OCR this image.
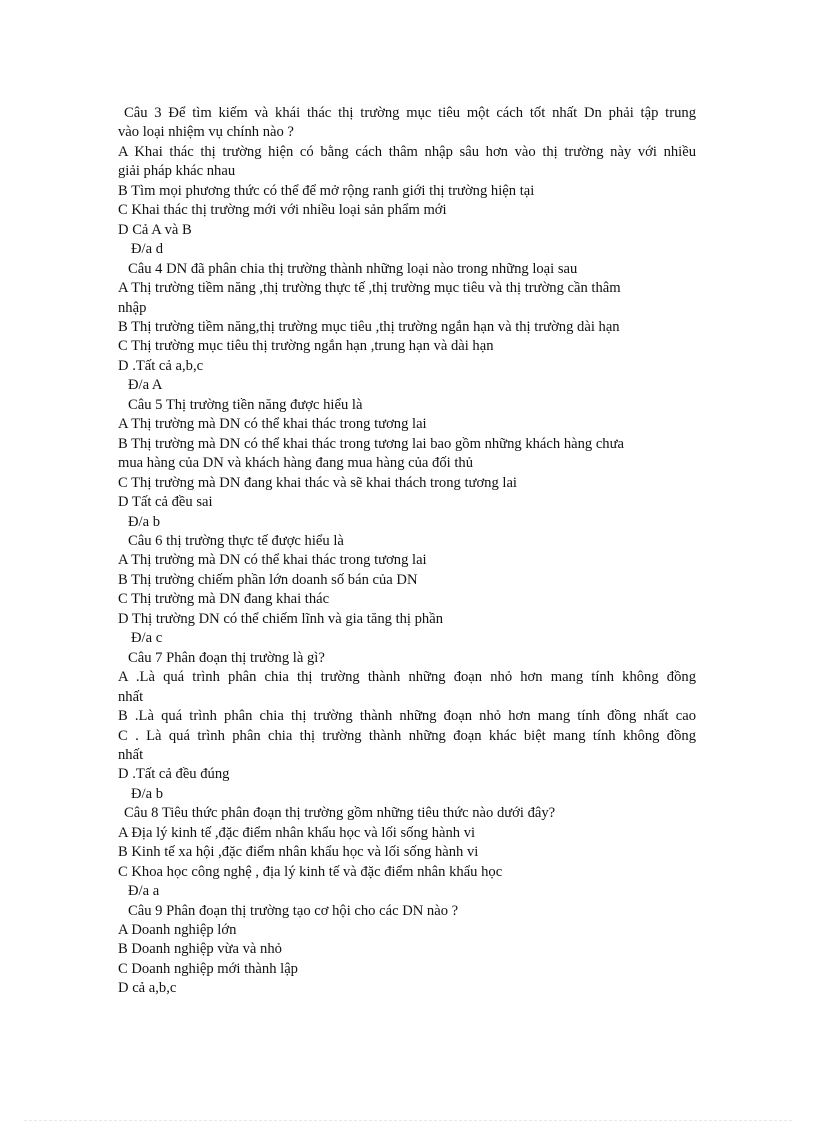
Câu 3 Để tìm kiếm và khái thác thị trường mục tiêu một cách tốt nhất Dn phải tập trung
vào loại nhiệm vụ chính nào ?
A Khai thác thị trường hiện có bằng cách thâm nhập sâu hơn vào thị trường này với nhiều
giải pháp khác nhau
B Tìm mọi phương thức có thể để mở rộng ranh giới thị trường hiện tại
C Khai thác thị trường mới với nhiều loại sản phẩm mới
D Cả A và B
Đ/a d
Câu 4 DN đã phân chia thị trường thành những loại nào trong những loại sau
A Thị trường tiềm năng ,thị trường thực tế ,thị trường mục tiêu và thị trường cần thâm
nhập
B Thị trường tiềm năng,thị trường mục tiêu ,thị trường ngắn hạn và thị trường dài hạn
C Thị trường mục tiêu thị trường ngắn hạn ,trung hạn và dài hạn
D .Tất cả a,b,c
Đ/a A
Câu 5 Thị trường tiền năng được hiểu là
A Thị trường mà DN có thể khai thác trong tương lai
B Thị trường mà DN có thể khai thác trong tương lai bao gồm những khách hàng chưa
mua hàng của DN và khách hàng đang mua hàng của đối thủ
C Thị trường mà DN đang khai thác và sẽ khai thách trong tương lai
D Tất cả đều sai
Đ/a b
Câu 6 thị trường thực tế được hiểu là
A Thị trường mà DN có thể khai thác trong tương lai
B Thị trường chiếm phần lớn doanh số bán của DN
C Thị trường mà DN đang khai thác
D Thị trường DN có thể chiếm lĩnh và gia tăng thị phần
Đ/a c
Câu 7 Phân đoạn thị trường là gì?
A .Là quá trình phân chia thị trường thành những đoạn nhỏ hơn mang tính không đồng
nhất
B .Là quá trình phân chia thị trường thành những đoạn nhỏ hơn mang tính đồng nhất cao
C . Là quá trình phân chia thị trường thành những đoạn khác biệt mang tính không đồng
nhất
D .Tất cả đều đúng
Đ/a b
Câu 8 Tiêu thức phân đoạn thị trường gồm những tiêu thức nào dưới đây?
A Địa lý kinh tế ,đặc điểm nhân khẩu học và lối sống hành vi
B Kinh tế xa hội ,đặc điểm nhân khẩu học và lối sống hành vi
C Khoa học công nghệ , địa lý kinh tế và đặc điểm nhân khẩu học
Đ/a a
Câu 9 Phân đoạn thị trường tạo cơ hội cho các DN nào ?
A Doanh nghiệp lớn
B Doanh nghiệp vừa và nhỏ
C Doanh nghiệp mới thành lập
D cả a,b,c
